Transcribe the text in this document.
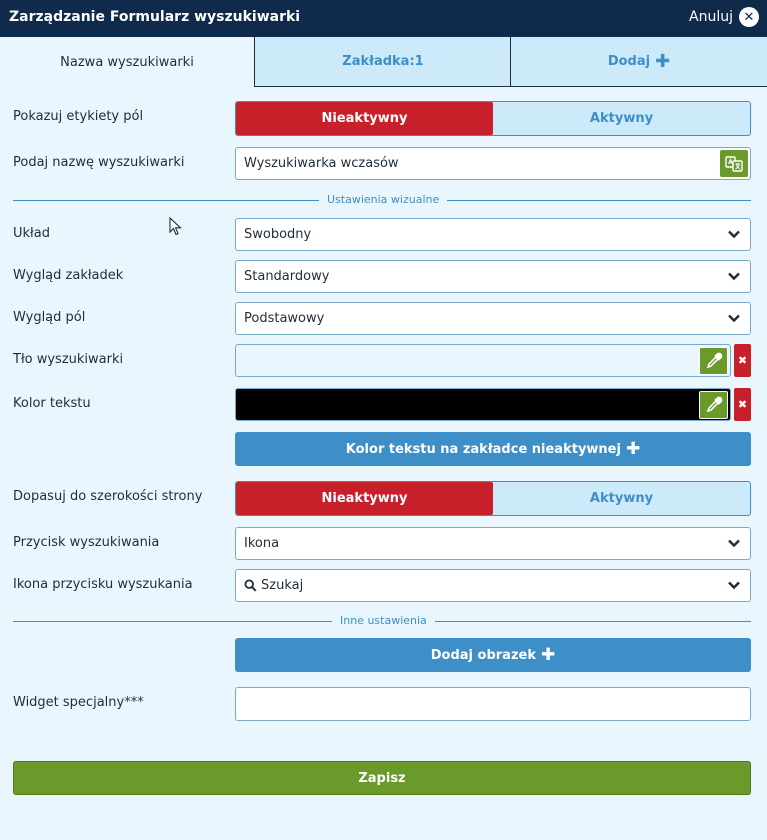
Zarządzanie Formularz wyszukiwarki	Anuluj ✕
Nazwa wyszukiwarki	Zakładka:1	Dodaj ✚
Pokazuj etykiety pól	Nieaktywny	Aktywny
Podaj nazwę wyszukiwarki	Wyszukiwarka wczasów
Ustawienia wizualne
Układ	Swobodny
Wygląd zakładek	Standardowy
Wygląd pól	Podstawowy
Tło wyszukiwarki	✖
Kolor tekstu	✖
Kolor tekstu na zakładce nieaktywnej ✚
Dopasuj do szerokości strony	Nieaktywny	Aktywny
Przycisk wyszukiwania	Ikona
Ikona przycisku wyszukania	Szukaj
Inne ustawienia
Dodaj obrazek ✚
Widget specjalny***
Zapisz
